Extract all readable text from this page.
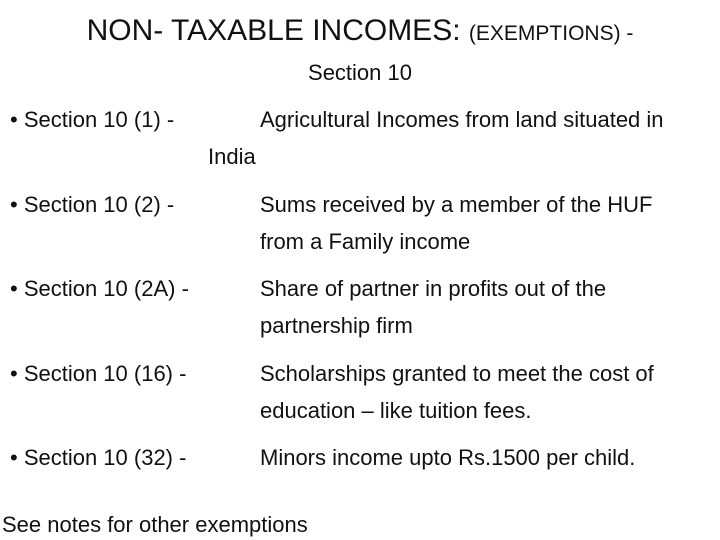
NON- TAXABLE INCOMES: (EXEMPTIONS) -
Section 10
• Section 10 (1) -	Agricultural Incomes from land situated in India
• Section 10 (2) -	Sums received by a member of the HUF from a Family income
• Section 10 (2A) -	Share of partner in profits out of the partnership firm
• Section 10 (16) -	Scholarships granted to meet the cost of education – like tuition fees.
• Section 10 (32) -	Minors income upto Rs.1500 per child.
See notes for other exemptions
